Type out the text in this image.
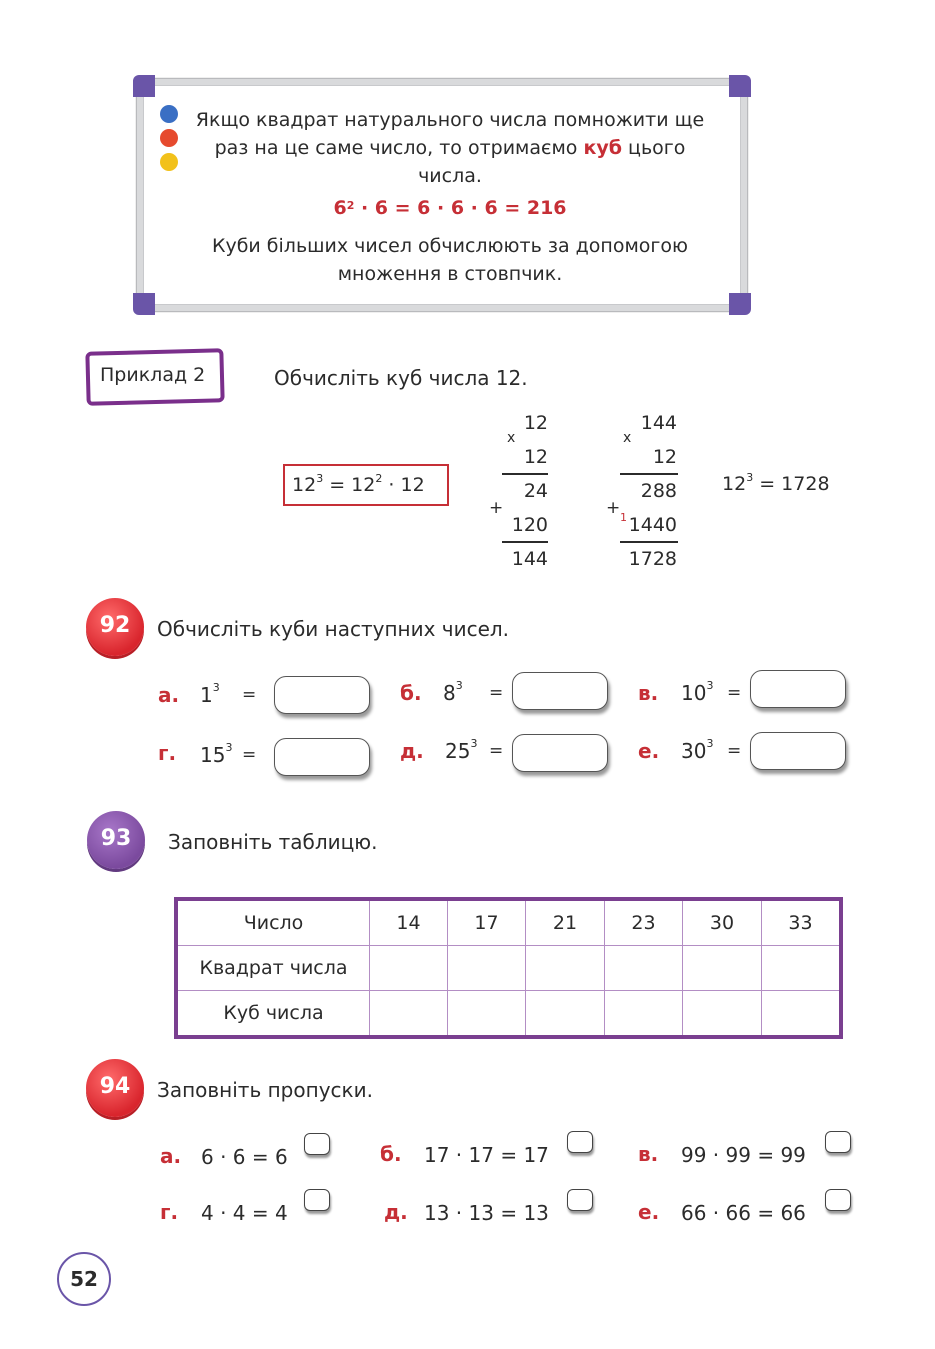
Якщо квадрат натурального числа помножити ще
раз на це саме число, то отримаємо куб цього
числа.
$6^2 \cdot 6 = 6 \cdot 6 \cdot 6 = 216$
Куби більших чисел обчислюють за допомогою
множення в стовпчик.
Приклад 2	Обчисліть куб числа 12.
$12^3 = 12^2 \cdot 12$
x
12
12
24
+
120
144
x
144
12
288
+ 1 1440
1728
$12^3 = 1728$
92	Обчисліть куби наступних чисел.
а. $1^3$ =	б. $8^3$ =	в. $10^3$ =
г. $15^3$ =	д. $25^3$ =	е. $30^3$ =
93	Заповніть таблицю.
Число	14	17	21	23	30	33
Квадрат числа						
Куб числа						
94	Заповніть пропуски.
а. 6 · 6 = 6	б. 17 · 17 = 17	в. 99 · 99 = 99
г. 4 · 4 = 4	д. 13 · 13 = 13	е. 66 · 66 = 66
52
